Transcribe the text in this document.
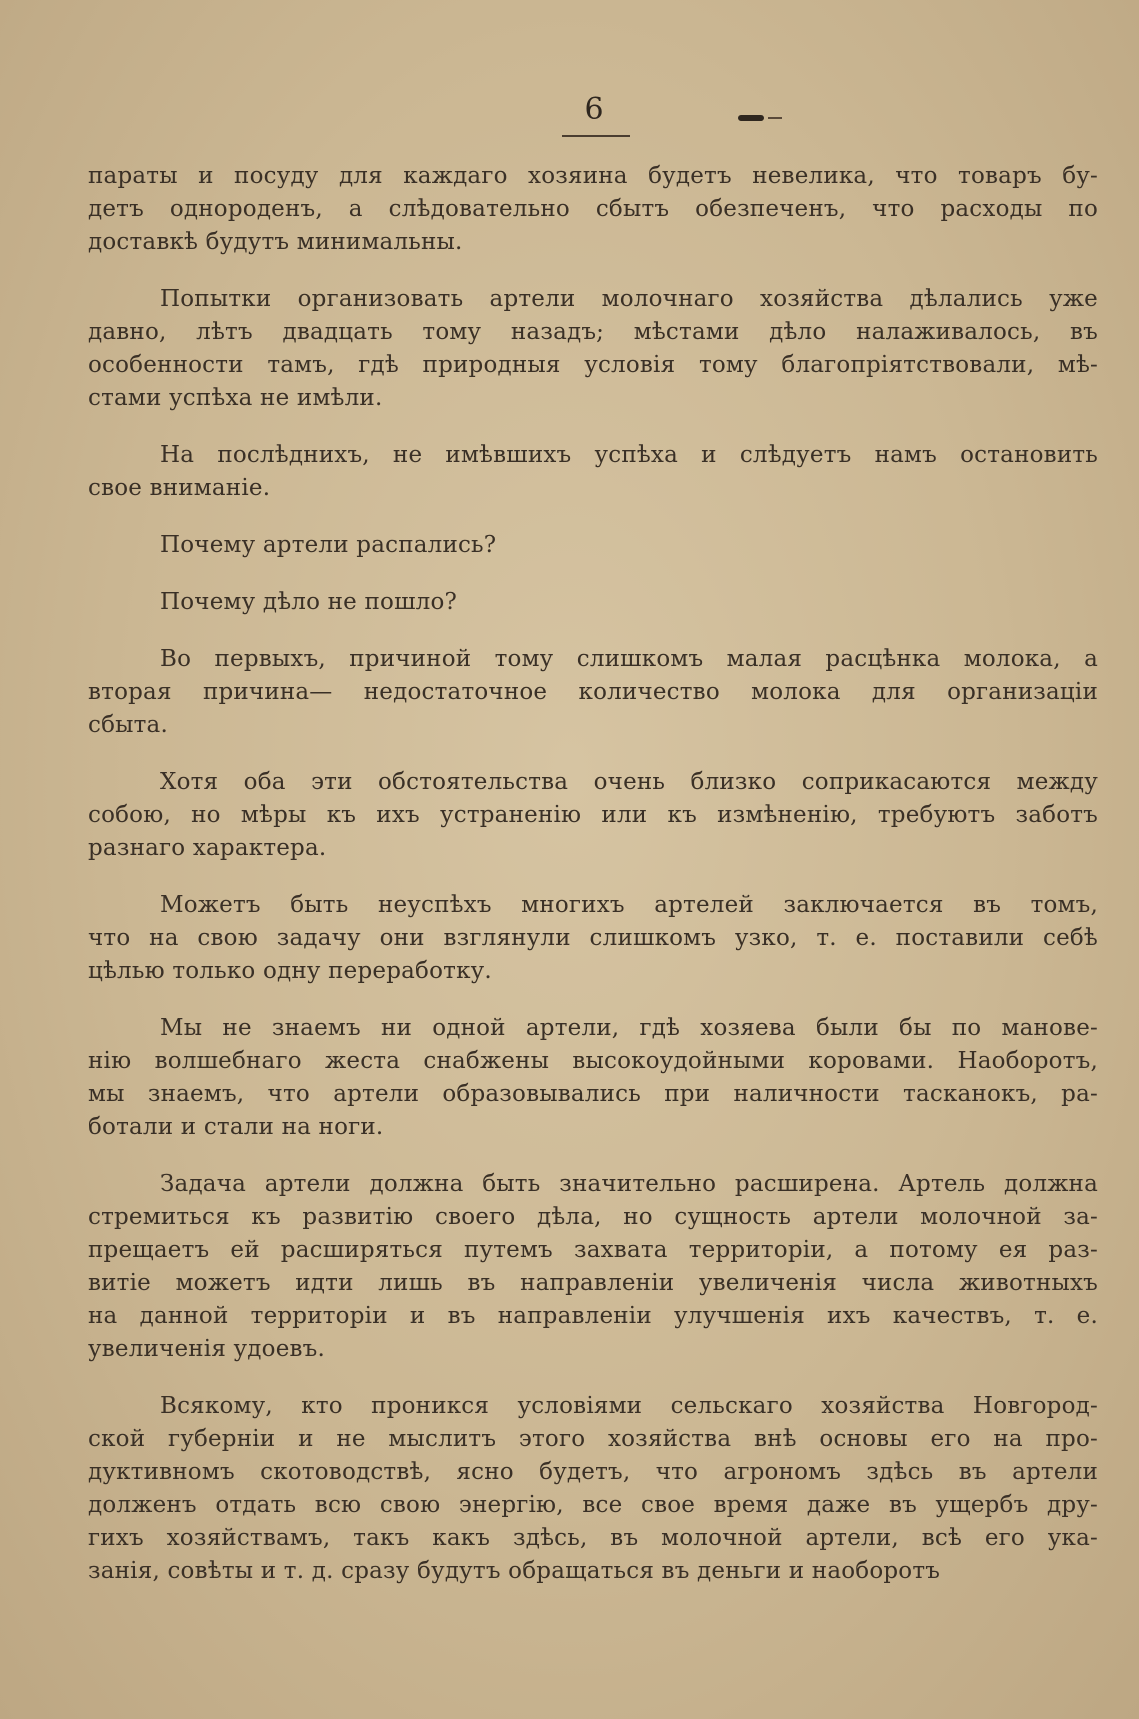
6
параты и посуду для каждаго хозяина будетъ невелика, что товаръ бу-
детъ однороденъ, а слѣдовательно сбытъ обезпеченъ, что расходы по
доставкѣ будутъ минимальны.
Попытки организовать артели молочнаго хозяйства дѣлались уже
давно, лѣтъ двадцать тому назадъ; мѣстами дѣло налаживалось, въ
особенности тамъ, гдѣ природныя условія тому благопріятствовали, мѣ-
стами успѣха не имѣли.
На послѣднихъ, не имѣвшихъ успѣха и слѣдуетъ намъ остановить
свое вниманіе.
Почему артели распались?
Почему дѣло не пошло?
Во первыхъ, причиной тому слишкомъ малая расцѣнка молока, а
вторая причина— недостаточное количество молока для организаціи
сбыта.
Хотя оба эти обстоятельства очень близко соприкасаются между
собою, но мѣры къ ихъ устраненію или къ измѣненію, требуютъ заботъ
разнаго характера.
Можетъ быть неуспѣхъ многихъ артелей заключается въ томъ,
что на свою задачу они взглянули слишкомъ узко, т. е. поставили себѣ
цѣлью только одну переработку.
Мы не знаемъ ни одной артели, гдѣ хозяева были бы по манове-
нію волшебнаго жеста снабжены высокоудойными коровами. Наоборотъ,
мы знаемъ, что артели образовывались при наличности тасканокъ, ра-
ботали и стали на ноги.
Задача артели должна быть значительно расширена. Артель должна
стремиться къ развитію своего дѣла, но сущность артели молочной за-
прещаетъ ей расширяться путемъ захвата территоріи, а потому ея раз-
витіе можетъ идти лишь въ направленіи увеличенія числа животныхъ
на данной территоріи и въ направленіи улучшенія ихъ качествъ, т. е.
увеличенія удоевъ.
Всякому, кто проникся условіями сельскаго хозяйства Новгород-
ской губерніи и не мыслитъ этого хозяйства внѣ основы его на про-
дуктивномъ скотоводствѣ, ясно будетъ, что агрономъ здѣсь въ артели
долженъ отдать всю свою энергію, все свое время даже въ ущербъ дру-
гихъ хозяйствамъ, такъ какъ здѣсь, въ молочной артели, всѣ его ука-
занія, совѣты и т. д. сразу будутъ обращаться въ деньги и наоборотъ
